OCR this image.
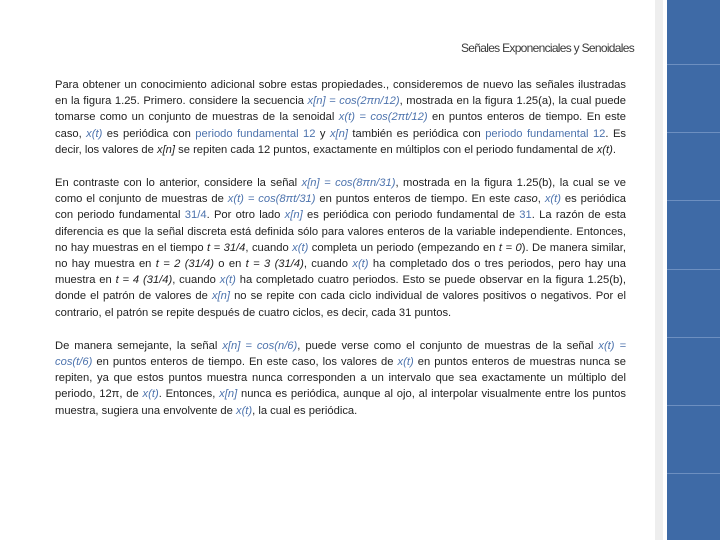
Señales Exponenciales y Senoidales

Para obtener un conocimiento adicional sobre estas propiedades., consideremos de nuevo las señales ilustradas en la figura 1.25. Primero. considere la secuencia x[n] = cos(2πn/12), mostrada en la figura 1.25(a), la cual puede tomarse como un conjunto de muestras de la senoidal x(t) = cos(2πt/12) en puntos enteros de tiempo. En este caso, x(t) es periódica con periodo fundamental 12 y x[n] también es periódica con periodo fundamental 12. Es decir, los valores de x[n] se repiten cada 12 puntos, exactamente en múltiplos con el periodo fundamental de x(t).

En contraste con lo anterior, considere la señal x[n] = cos(8πn/31), mostrada en la figura 1.25(b), la cual se ve como el conjunto de muestras de x(t) = cos(8πt/31) en puntos enteros de tiempo. En este caso, x(t) es periódica con periodo fundamental 31/4. Por otro lado x[n] es periódica con periodo fundamental de 31. La razón de esta diferencia es que la señal discreta está definida sólo para valores enteros de la variable independiente. Entonces, no hay muestras en el tiempo t = 31/4, cuando x(t) completa un periodo (empezando en t = 0). De manera similar, no hay muestra en t = 2 (31/4) o en t = 3 (31/4), cuando x(t) ha completado dos o tres periodos, pero hay una muestra en t = 4 (31/4), cuando x(t) ha completado cuatro periodos. Esto se puede observar en la figura 1.25(b), donde el patrón de valores de x[n] no se repite con cada ciclo individual de valores positivos o negativos. Por el contrario, el patrón se repite después de cuatro ciclos, es decir, cada 31 puntos.

De manera semejante, la señal x[n] = cos(n/6), puede verse como el conjunto de muestras de la señal x(t) = cos(t/6) en puntos enteros de tiempo. En este caso, los valores de x(t) en puntos enteros de muestras nunca se repiten, ya que estos puntos muestra nunca corresponden a un intervalo que sea exactamente un múltiplo del periodo, 12π, de x(t). Entonces, x[n] nunca es periódica, aunque al ojo, al interpolar visualmente entre los puntos muestra, sugiera una envolvente de x(t), la cual es periódica.
